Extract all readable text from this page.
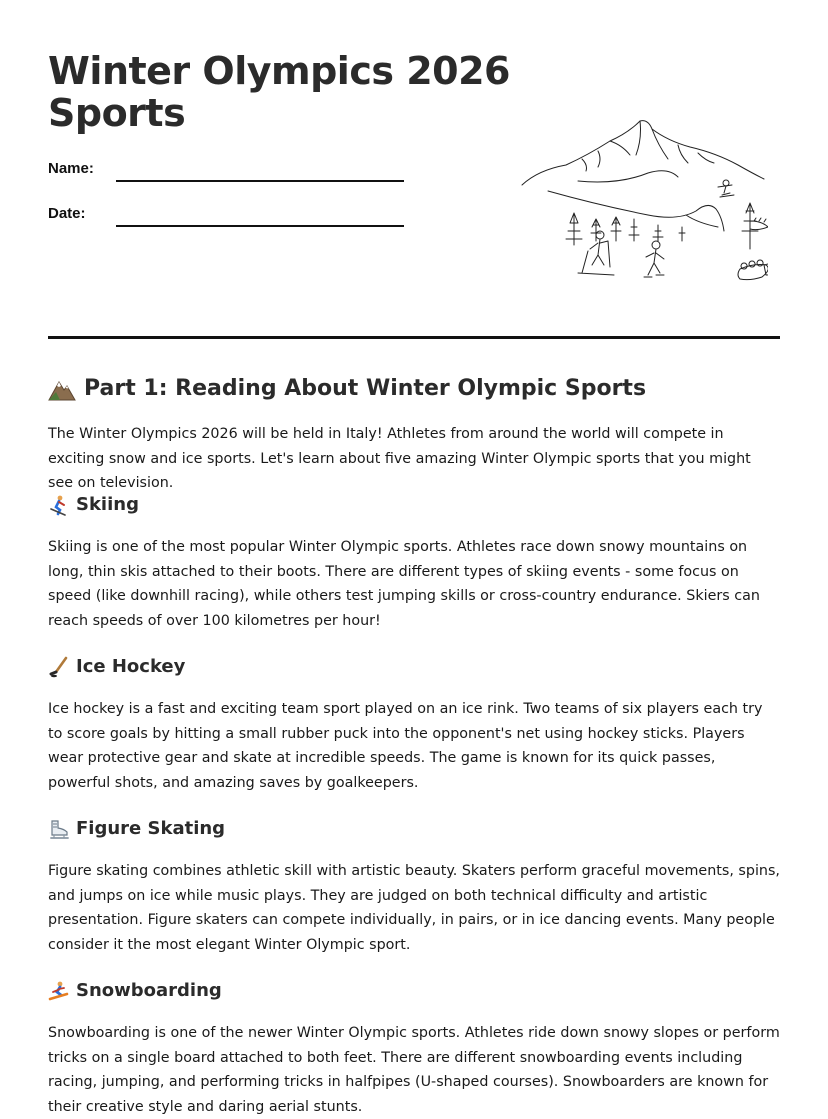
Winter Olympics 2026
Sports
Name:
Date:
Part 1: Reading About Winter Olympic Sports

The Winter Olympics 2026 will be held in Italy! Athletes from around the world will compete in exciting snow and ice sports. Let's learn about five amazing Winter Olympic sports that you might see on television.

Skiing

Skiing is one of the most popular Winter Olympic sports. Athletes race down snowy mountains on long, thin skis attached to their boots. There are different types of skiing events - some focus on speed (like downhill racing), while others test jumping skills or cross-country endurance. Skiers can reach speeds of over 100 kilometres per hour!

Ice Hockey

Ice hockey is a fast and exciting team sport played on an ice rink. Two teams of six players each try to score goals by hitting a small rubber puck into the opponent's net using hockey sticks. Players wear protective gear and skate at incredible speeds. The game is known for its quick passes, powerful shots, and amazing saves by goalkeepers.

Figure Skating

Figure skating combines athletic skill with artistic beauty. Skaters perform graceful movements, spins, and jumps on ice while music plays. They are judged on both technical difficulty and artistic presentation. Figure skaters can compete individually, in pairs, or in ice dancing events. Many people consider it the most elegant Winter Olympic sport.

Snowboarding

Snowboarding is one of the newer Winter Olympic sports. Athletes ride down snowy slopes or perform tricks on a single board attached to both feet. There are different snowboarding events including racing, jumping, and performing tricks in halfpipes (U-shaped courses). Snowboarders are known for their creative style and daring aerial stunts.
